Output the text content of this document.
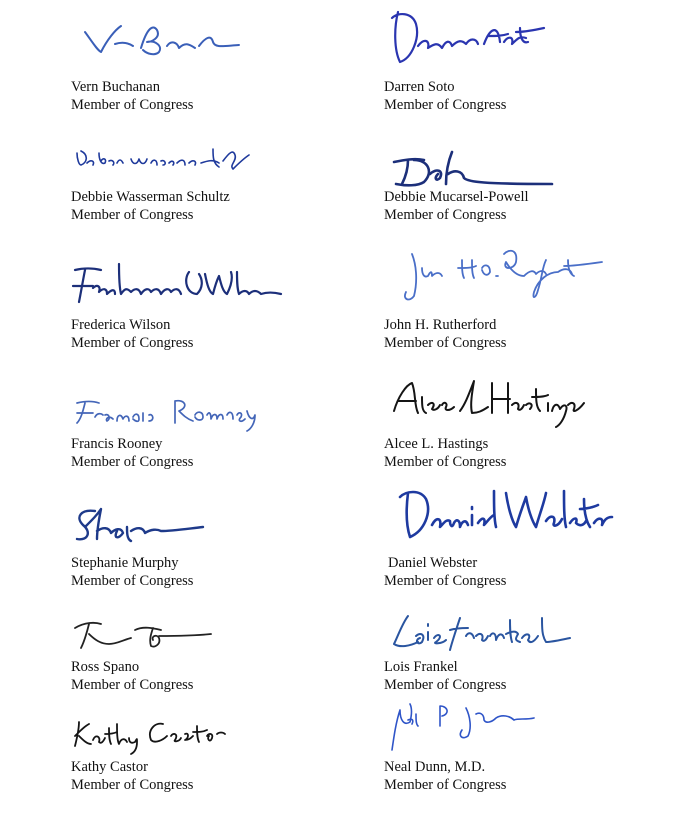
Vern Buchanan
Member of Congress
Darren Soto
Member of Congress
Debbie Wasserman Schultz
Member of Congress
Debbie Mucarsel-Powell
Member of Congress
Frederica Wilson
Member of Congress
John H. Rutherford
Member of Congress
Francis Rooney
Member of Congress
Alcee L. Hastings
Member of Congress
Stephanie Murphy
Member of Congress
Daniel Webster
Member of Congress
Ross Spano
Member of Congress
Lois Frankel
Member of Congress
Kathy Castor
Member of Congress
Neal Dunn, M.D.
Member of Congress
